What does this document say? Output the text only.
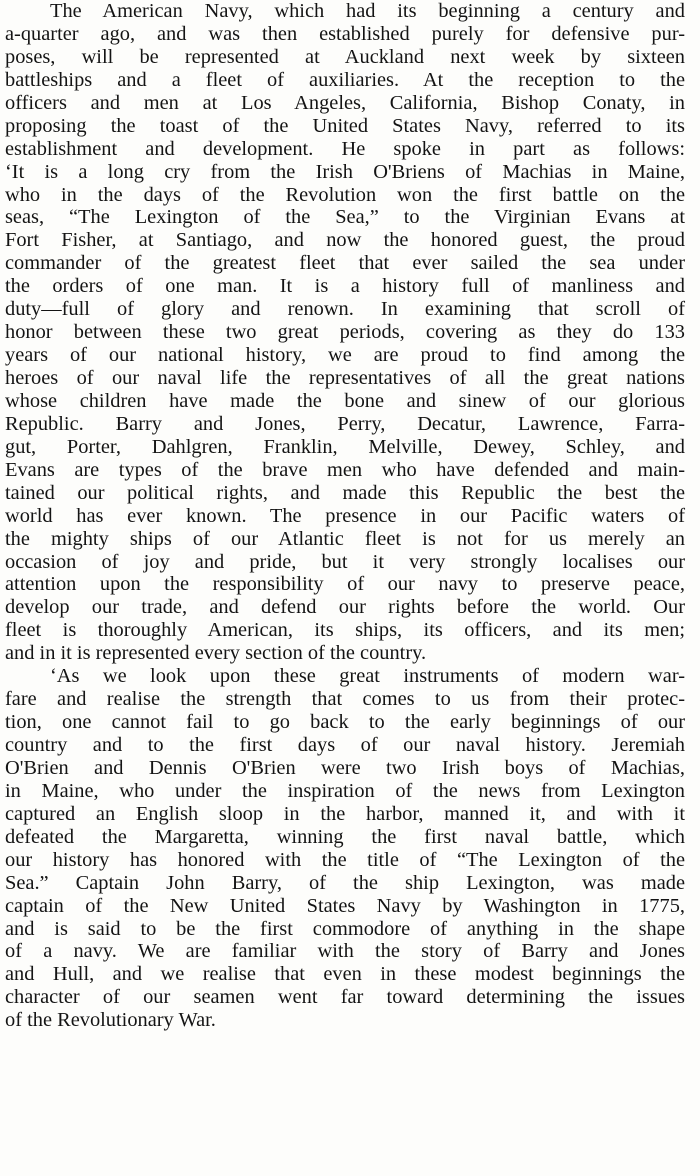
The American Navy, which had its beginning a century and
a-quarter ago, and was then established purely for defensive pur-
poses, will be represented at Auckland next week by sixteen
battleships and a fleet of auxiliaries. At the reception to the
officers and men at Los Angeles, California, Bishop Conaty, in
proposing the toast of the United States Navy, referred to its
establishment and development. He spoke in part as follows:
‘It is a long cry from the Irish O'Briens of Machias in Maine,
who in the days of the Revolution won the first battle on the
seas, “The Lexington of the Sea,” to the Virginian Evans at
Fort Fisher, at Santiago, and now the honored guest, the proud
commander of the greatest fleet that ever sailed the sea under
the orders of one man. It is a history full of manliness and
duty—full of glory and renown. In examining that scroll of
honor between these two great periods, covering as they do 133
years of our national history, we are proud to find among the
heroes of our naval life the representatives of all the great nations
whose children have made the bone and sinew of our glorious
Republic. Barry and Jones, Perry, Decatur, Lawrence, Farra-
gut, Porter, Dahlgren, Franklin, Melville, Dewey, Schley, and
Evans are types of the brave men who have defended and main-
tained our political rights, and made this Republic the best the
world has ever known. The presence in our Pacific waters of
the mighty ships of our Atlantic fleet is not for us merely an
occasion of joy and pride, but it very strongly localises our
attention upon the responsibility of our navy to preserve peace,
develop our trade, and defend our rights before the world. Our
fleet is thoroughly American, its ships, its officers, and its men;
and in it is represented every section of the country.
‘As we look upon these great instruments of modern war-
fare and realise the strength that comes to us from their protec-
tion, one cannot fail to go back to the early beginnings of our
country and to the first days of our naval history. Jeremiah
O'Brien and Dennis O'Brien were two Irish boys of Machias,
in Maine, who under the inspiration of the news from Lexington
captured an English sloop in the harbor, manned it, and with it
defeated the Margaretta, winning the first naval battle, which
our history has honored with the title of “The Lexington of the
Sea.” Captain John Barry, of the ship Lexington, was made
captain of the New United States Navy by Washington in 1775,
and is said to be the first commodore of anything in the shape
of a navy. We are familiar with the story of Barry and Jones
and Hull, and we realise that even in these modest beginnings the
character of our seamen went far toward determining the issues
of the Revolutionary War.
